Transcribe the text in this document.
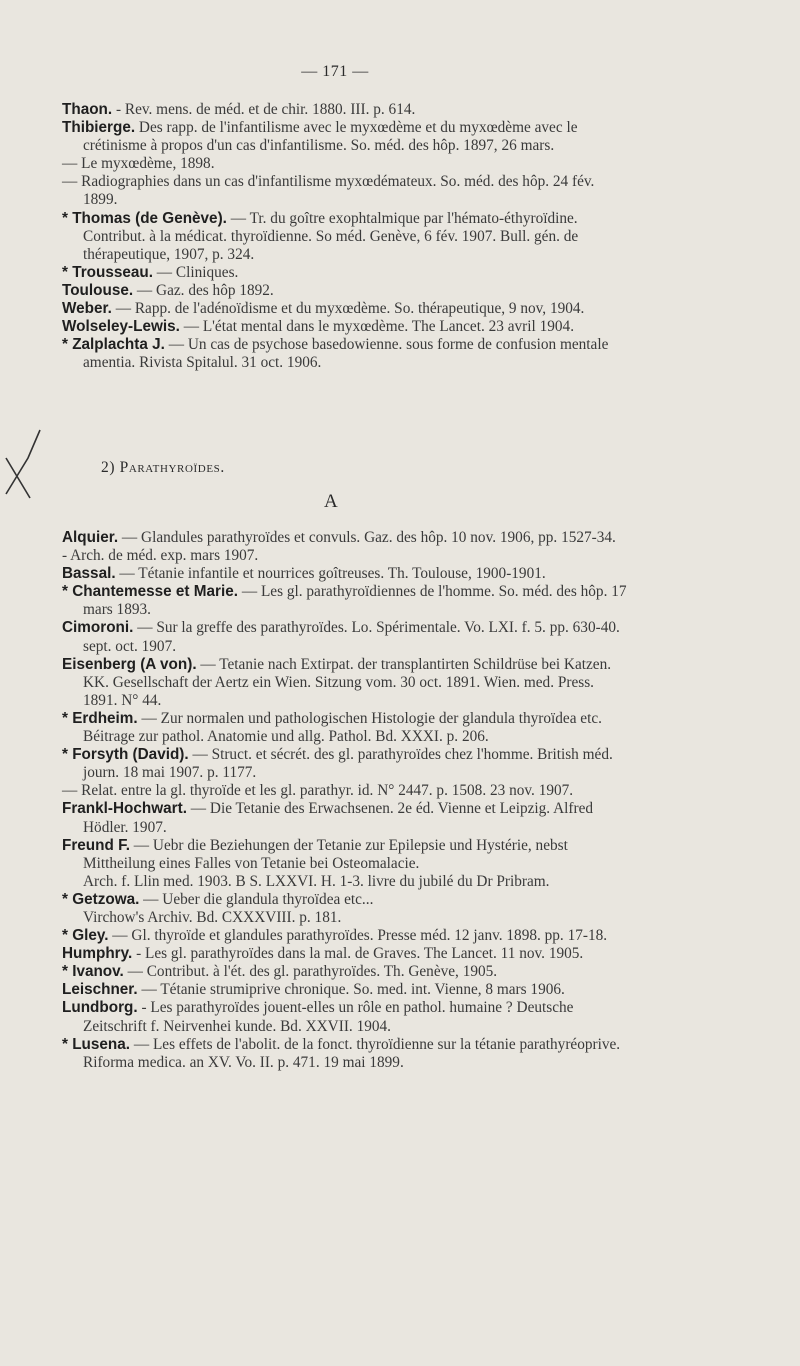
— 171 —

Thaon. - Rev. mens. de méd. et de chir. 1880. III. p. 614.

Thibierge. Des rapp. de l'infantilisme avec le myxœdème et du myxœdème avec le crétinisme à propos d'un cas d'infantilisme. So. méd. des hôp. 1897, 26 mars.

— Le myxœdème, 1898.

— Radiographies dans un cas d'infantilisme myxœdémateux. So. méd. des hôp. 24 fév. 1899.

* Thomas (de Genève). — Tr. du goître exophtalmique par l'hémato-éthyroïdine. Contribut. à la médicat. thyroïdienne. So méd. Genève, 6 fév. 1907. Bull. gén. de thérapeutique, 1907, p. 324.

* Trousseau. — Cliniques.

Toulouse. — Gaz. des hôp 1892.

Weber. — Rapp. de l'adénoïdisme et du myxœdème. So. thérapeutique, 9 nov, 1904.

Wolseley-Lewis. — L'état mental dans le myxœdème. The Lancet. 23 avril 1904.

* Zalplachta J. — Un cas de psychose basedowienne. sous forme de confusion mentale amentia. Rivista Spitalul. 31 oct. 1906.

2) Parathyroïdes.
A

Alquier. — Glandules parathyroïdes et convuls. Gaz. des hôp. 10 nov. 1906, pp. 1527-34.

- Arch. de méd. exp. mars 1907.

Bassal. — Tétanie infantile et nourrices goîtreuses. Th. Toulouse, 1900-1901.

* Chantemesse et Marie. — Les gl. parathyroïdiennes de l'homme. So. méd. des hôp. 17 mars 1893.

Cimoroni. — Sur la greffe des parathyroïdes. Lo. Spérimentale. Vo. LXI. f. 5. pp. 630-40. sept. oct. 1907.

Eisenberg (A von). — Tetanie nach Extirpat. der transplantirten Schildrüse bei Katzen. KK. Gesellschaft der Aertz ein Wien. Sitzung vom. 30 oct. 1891. Wien. med. Press. 1891. N° 44.

* Erdheim. — Zur normalen und pathologischen Histologie der glandula thyroïdea etc.

Béitrage zur pathol. Anatomie und allg. Pathol. Bd. XXXI. p. 206.

* Forsyth (David). — Struct. et sécrét. des gl. parathyroïdes chez l'homme. British méd. journ. 18 mai 1907. p. 1177.

— Relat. entre la gl. thyroïde et les gl. parathyr. id. N° 2447. p. 1508. 23 nov. 1907.

Frankl-Hochwart. — Die Tetanie des Erwachsenen. 2e éd. Vienne et Leipzig. Alfred Hödler. 1907.

Freund F. — Uebr die Beziehungen der Tetanie zur Epilepsie und Hystérie, nebst Mittheilung eines Falles von Tetanie bei Osteomalacie.

Arch. f. Llin med. 1903. B S. LXXVI. H. 1-3. livre du jubilé du Dr Pribram.

* Getzowa. — Ueber die glandula thyroïdea etc...

Virchow's Archiv. Bd. CXXXVIII. p. 181.

* Gley. — Gl. thyroïde et glandules parathyroïdes. Presse méd. 12 janv. 1898. pp. 17-18.

Humphry. - Les gl. parathyroïdes dans la mal. de Graves. The Lancet. 11 nov. 1905.

* Ivanov. — Contribut. à l'ét. des gl. parathyroïdes. Th. Genève, 1905.

Leischner. — Tétanie strumiprive chronique. So. med. int. Vienne, 8 mars 1906.

Lundborg. - Les parathyroïdes jouent-elles un rôle en pathol. humaine ? Deutsche Zeitschrift f. Neirvenhei kunde. Bd. XXVII. 1904.

* Lusena. — Les effets de l'abolit. de la fonct. thyroïdienne sur la tétanie parathyréoprive. Riforma medica. an XV. Vo. II. p. 471. 19 mai 1899.
